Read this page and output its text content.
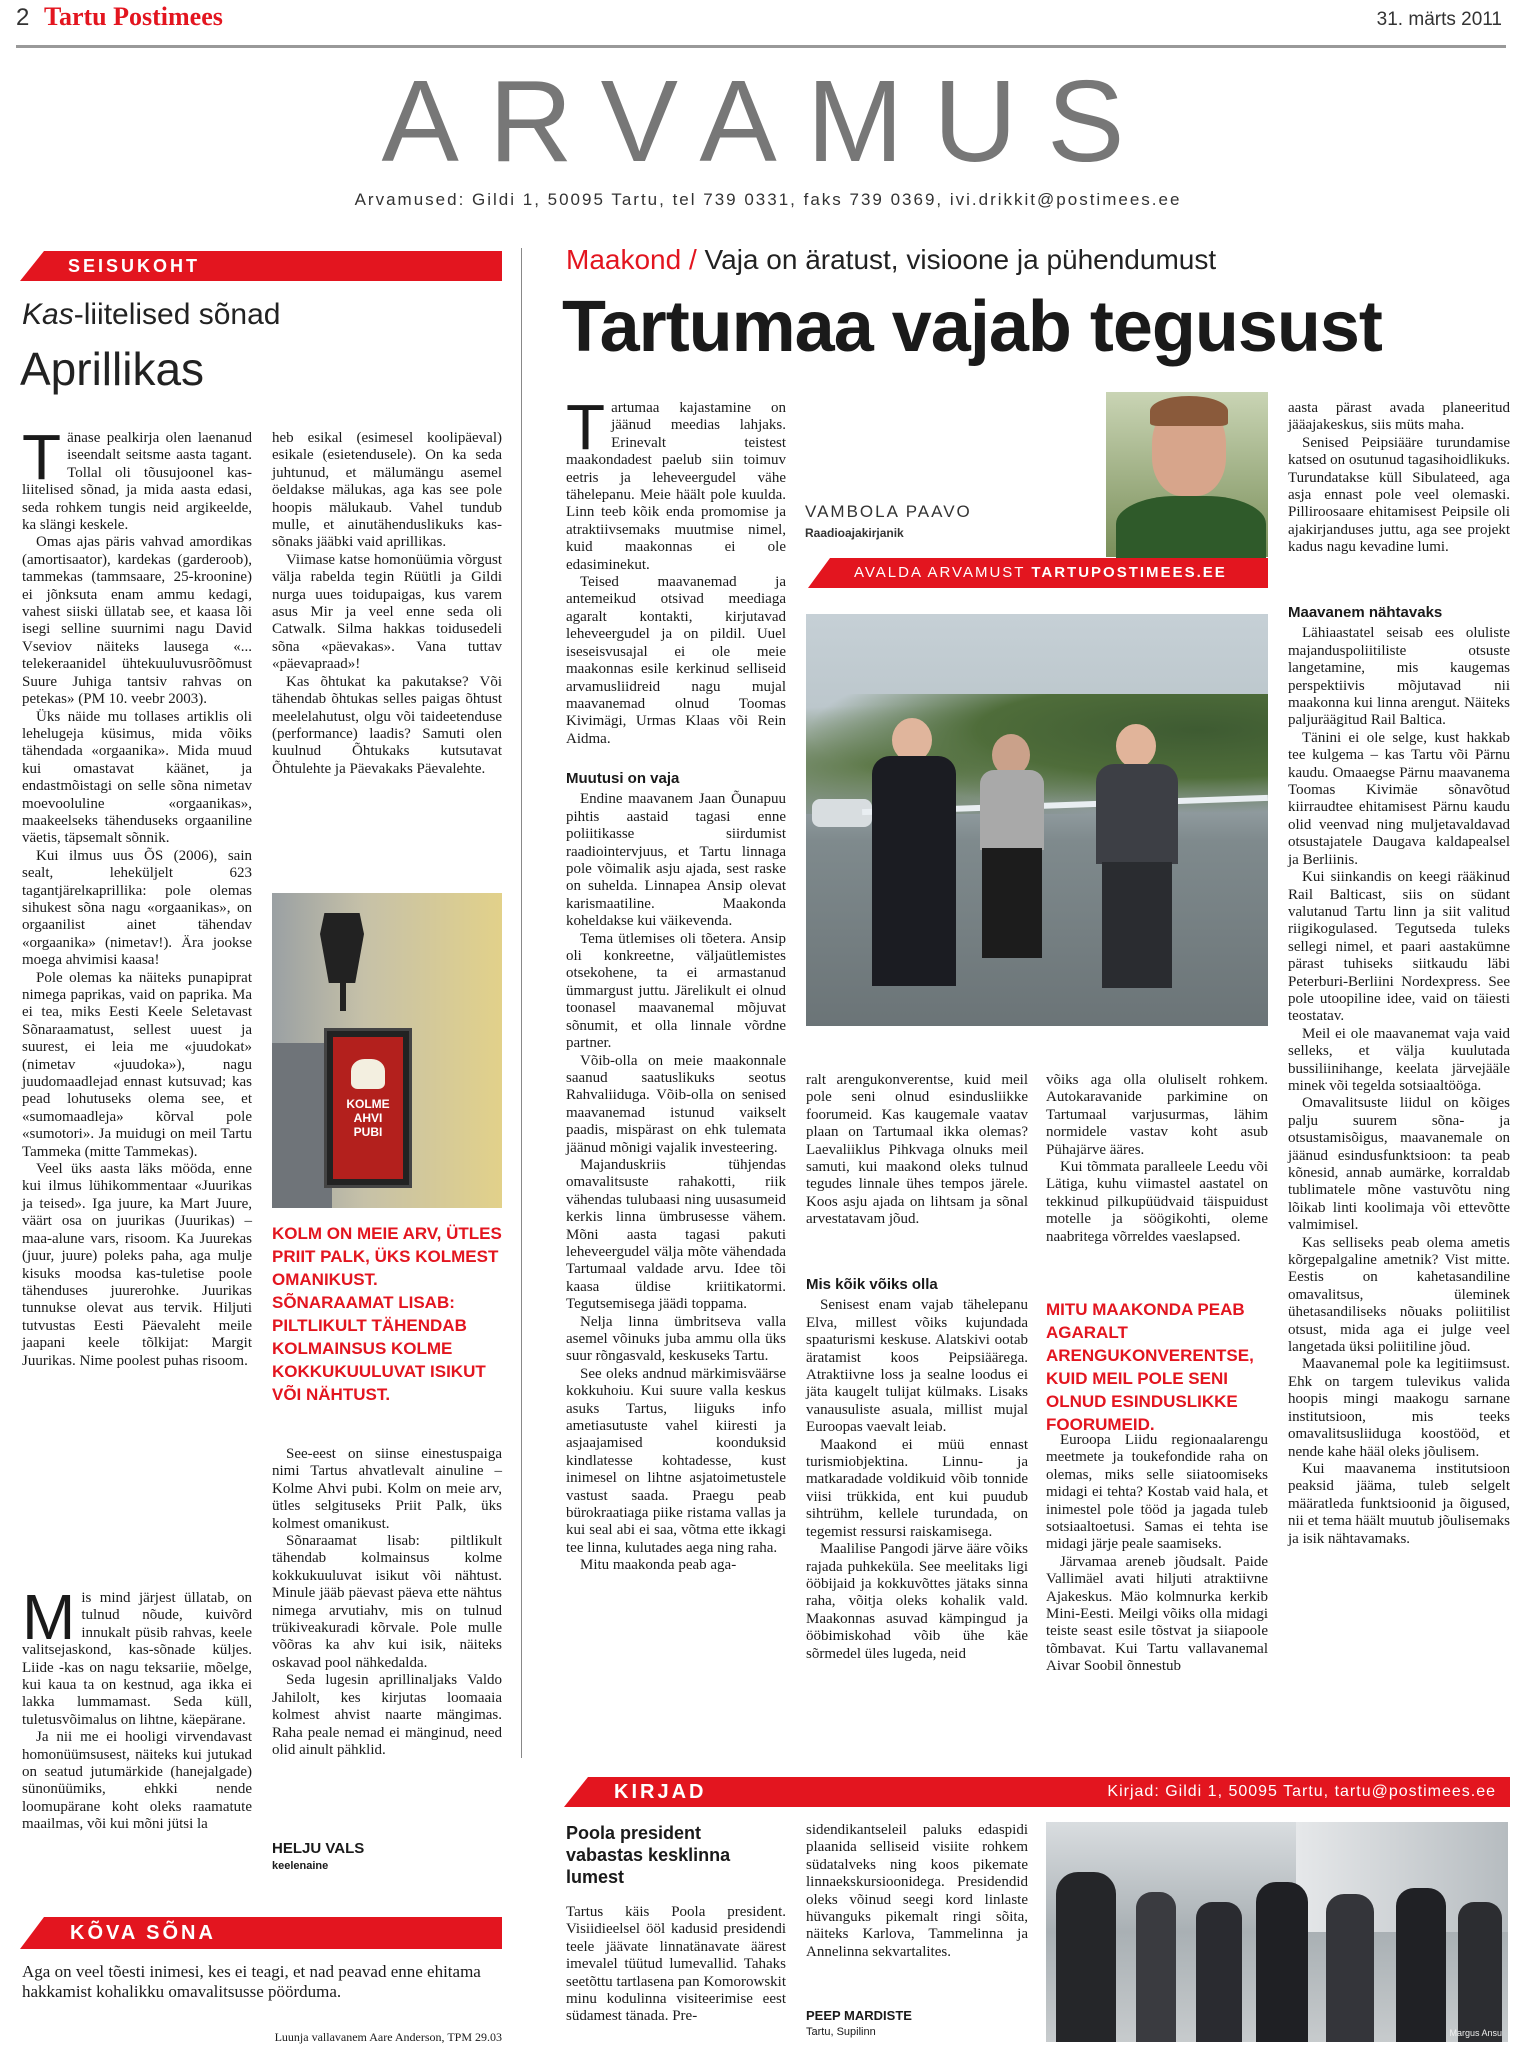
2 Tartu Postimees	31. märts 2011
ARVAMUS
Arvamused: Gildi 1, 50095 Tartu, tel 739 0331, faks 739 0369, ivi.drikkit@postimees.ee
SEISUKOHT
Kas-liitelised sõnad
Aprillikas
T änase pealkirja olen laenanud iseendalt seitsme aasta tagant. Tollal oli tõusujoonel kas-liitelised sõnad, ja mida aasta edasi, seda rohkem tungis neid argikeelde, ka slängi keskele.

Omas ajas päris vahvad amordikas (amortisaator), kardekas (garderoob), tammekas (tammsaare, 25-kroonine) ei jõnksuta enam ammu kedagi, vahest siiski üllatab see, et kaasa lõi isegi selline suurnimi nagu David Vseviov näiteks lausega «... telekeraanidel ühtekuuluvusrõõmust Suure Juhiga tantsiv rahvas on petekas» (PM 10. veebr 2003).

Üks näide mu tollases artiklis oli lehelugeja küsimus, mida võiks tähendada «orgaanika». Mida muud kui omastavat käänet, ja endastmõistagi on selle sõna nimetav moevooluline «orgaanikas», maakeelseks tähenduseks orgaaniline väetis, täpsemalt sõnnik.

Kui ilmus uus ÕS (2006), sain sealt, leheküljelt 623 tagantjärelкаprillika: pole olemas sihukest sõna nagu «orgaanikas», on orgaanilist ainet tähendav «orgaanika» (nimetav!). Ära jookse moega ahvimisi kaasa!

Pole olemas ka näiteks punapiprat nimega paprikas, vaid on paprika. Ma ei tea, miks Eesti Keele Seletavast Sõnaraamatust, sellest uuest ja suurest, ei leia me «juudokat» (nimetav «juudoka»), nagu juudomaadlejad ennast kutsuvad; kas pead lohutuseks olema see, et «sumomaadleja» kõrval pole «sumotori». Ja muidugi on meil Tartu Tammeka (mitte Tammekas).

Veel üks aasta läks mööda, enne kui ilmus lühikommentaar «Juurikas ja teised». Iga juure, ka Mart Juure, väärt osa on juurikas (Juurikas) – maa-alune vars, risoom. Ka Juurekas (juur, juure) poleks paha, aga mulje kisuks moodsa kas-tuletise poole tähenduses juurerohke. Juurikas tunnukse olevat aus tervik. Hiljuti tutvustas Eesti Päevaleht meile jaapani keele tõlkijat: Margit Juurikas. Nime poolest puhas risoom.

M is mind järjest üllatab, on tulnud nõude, kuivõrd innukalt püsib rahvas, keele valitsejaskond, kas-sõnade küljes. Liide -kas on nagu teksariie, mõelge, kui kaua ta on kestnud, aga ikka ei lakka lummamast. Seda küll, tuletusvõimalus on lihtne, käepärane.

Ja nii me ei hooligi virvendavast homonüümsusest, näiteks kui jutukad on seatud jutumärkide (hanejalgade) sünonüümiks, ehkki nende loomupärane koht oleks raamatute maailmas, või kui mõni jütsi la

heb esikal (esimesel koolipäeval) esikale (esietendusele). On ka seda juhtunud, et mälumängu asemel öeldakse mälukas, aga kas see pole hoopis mälukaub. Vahel tundub mulle, et ainutähenduslikuks kas-sõnaks jääbki vaid aprillikas.

Viimase katse homonüümia võrgust välja rabelda tegin Rüütli ja Gildi nurga uues toidupaigas, kus varem asus Mir ja veel enne seda oli Catwalk. Silma hakkas toidusedeli sõna «päevakas». Vana tuttav «päevapraad»!

Kas õhtukat ka pakutakse? Või tähendab õhtukas selles paigas õhtust meelelahutust, olgu või taideetenduse (performance) laadis? Samuti olen kuulnud Õhtukaks kutsutavat Õhtulehte ja Päevakaks Päevalehte.

KOLME
AHVI
PUBI
KOLM ON MEIE ARV, ÜTLES PRIIT PALK, ÜKS KOLMEST OMANIKUST. SÕNARAAMAT LISAB: PILTLIKULT TÄHENDAB KOLMAINSUS KOLME KOKKUKUULUVAT ISIKUT VÕI NÄHTUST.

See-eest on siinse einestuspaiga nimi Tartus ahvatlevalt ainuline – Kolme Ahvi pubi. Kolm on meie arv, ütles selgituseks Priit Palk, üks kolmest omanikust.

Sõnaraamat lisab: piltlikult tähendab kolmainsus kolme kokkukuuluvat isikut või nähtust. Minule jääb päevast päeva ette nähtus nimega arvutiahv, mis on tulnud trükivеakuradi kõrvale. Pole mulle võõras ka ahv kui isik, näiteks oskavad pool nähkedalda.

Seda lugesin aprillinaljaks Valdo Jahilolt, kes kirjutas loomaaia kolmest ahvist naarte mängimas. Raha peale nemad ei mänginud, need olid ainult pähklid.

HELJU VALS
keelenaine
KÕVA SÕNA
Aga on veel tõesti inimesi, kes ei teagi, et nad peavad enne ehitama hakkamist kohalikku omavalitsusse pöörduma.
Luunja vallavanem Aare Anderson, TPM 29.03
Maakond / Vaja on äratust, visioone ja pühendumust
Tartumaa vajab tegusust
T artumaa kajastamine on jäänud meedias lahjaks. Erinevalt teistest maakondadest paelub siin toimuv eetris ja leheveergudel vähe tähelepanu. Meie häält pole kuulda. Linn teeb kõik enda promomise ja atraktiivsemaks muutmise nimel, kuid maakonnas ei ole edasiminekut.

Teised maavanemad ja antemeikud otsivad meediaga agaralt kontakti, kirjutavad leheveergudel ja on pildil. Uuel iseseisvusajal ei ole meie maakonnas esile kerkinud selliseid arvamusliidreid nagu mujal maavanemad olnud Toomas Kivimägi, Urmas Klaas või Rein Aidma.

Muutusi on vaja

Endine maavanem Jaan Õunapuu pihtis aastaid tagasi enne poliitikasse siirdumist raadiointervjuus, et Tartu linnaga pole võimalik asju ajada, sest raske on suhelda. Linnapea Ansip olevat karismaatiline. Maakonda koheldakse kui väikevenda.

Tema ütlemises oli tõetera. Ansip oli konkreetne, väljaütlemistes otsekohene, ta ei armastanud ümmargust juttu. Järelikult ei olnud toonasel maavanemal mõjuvat sõnumit, et olla linnale võrdne partner.

Võib-olla on meie maakonnale saanud saatuslikuks seotus Rahvaliiduga. Võib-olla on senised maavanemad istunud vaikselt paadis, mispärast on ehk tulemata jäänud mõnigi vajalik investeering.

Majanduskriis tühjendas omavalitsuste rahakotti, riik vähendas tulubaasi ning uusasumeid kerkis linna ümbrusesse vähem. Mõni aasta tagasi pakuti leheveergudel välja mõte vähendada Tartumaal valdade arvu. Idee tõi kaasa üldise kriitikatormi. Tegutsemisega jäädi toppama.

Nelja linna ümbritseva valla asemel võinuks juba ammu olla üks suur rõngasvald, keskuseks Tartu.

See oleks andnud märkimisväärse kokkuhoiu. Kui suure valla keskus asuks Tartus, liiguks info ametiasutuste vahel kiiresti ja asjaajamised koonduksid kindlatesse kohtadesse, kust inimesel on lihtne asjatoimetustele vastust saada. Praegu peab bürokraatiaga piike ristama vallas ja kui seal abi ei saa, võtma ette ikkagi tee linna, kulutades aega ning raha.

Mitu maakonda peab aga-

VAMBOLA PAAVO
Raadioajakirjanik
AVALDA ARVAMUST TARTUPOSTIMEES.EE

ralt arengukonverentse, kuid meil pole seni olnud esindusliikke foorumeid. Kas kaugemale vaatav plaan on Tartumaal ikka olemas? Laevaliiklus Pihkvaga olnuks meil samuti, kui maakond oleks tulnud tegudes linnale ühes tempos järele. Koos asju ajada on lihtsam ja sõnal arvestatavam jõud.

Mis kõik võiks olla

Senisest enam vajab tähelepanu Elva, millest võiks kujundada spaaturismi keskuse. Alatskivi ootab äratamist koos Peipsiäärega. Atraktiivne loss ja sealne loodus ei jäta kaugelt tulijat külmaks. Lisaks vanausuliste asuala, millist mujal Euroopas vaevalt leiab.

Maakond ei müü ennast turismiobjektina. Linnu- ja matkaradade voldikuid võib tonnide viisi trükkida, ent kui puudub sihtrühm, kellele turundada, on tegemist ressursi raiskamisega.

Maalilise Pangodi järve ääre võiks rajada puhkeküla. See meelitaks ligi ööbijaid ja kokkuvõttes jätaks sinna raha, võitja oleks kohalik vald. Maakonnas asuvad kämpingud ja ööbimiskohad võib ühe käe sõrmedel üles lugeda, neid

võiks aga olla oluliselt rohkem. Autokaravanide parkimine on Tartumaal varjusurmas, lähim normidele vastav koht asub Pühajärve ääres.

Kui tõmmata paralleele Leedu või Lätiga, kuhu viimastel aastatel on tekkinud pilkupüüdvaid täispuidust motelle ja söögikohti, oleme naabritega võrreldes vaeslapsed.

MITU MAAKONDA PEAB AGARALT ARENGUKONVERENTSE, KUID MEIL POLE SENI OLNUD ESINDUSLIKKE FOORUMEID.

Euroopa Liidu regionaalarengu meetmete ja toukefondide raha on olemas, miks selle siiatoomiseks midagi ei tehta? Kostab vaid hala, et inimestel pole tööd ja jagada tulеb sotsiaaltoetusi. Samas ei tehta ise midagi järje peale saamiseks.

Järvamaa areneb jõudsalt. Paide Vallimäel avati hiljuti atraktiivne Ajakeskus. Mäo kolmnurka kerkib Mini-Eesti. Meilgi võiks olla midagi teiste seast esile tõstvat ja siiapoole tõmbavat. Kui Tartu vallavanemal Aivar Soobil õnnestub

aasta pärast avada planeeritud jääajakeskus, siis müts maha.

Senised Peipsiääre turundamise katsed on osutunud tagasihoidlikuks. Turundatakse küll Sibulateed, aga asja ennast pole veel olemaski. Pilliroosaare ehitamisest Peipsile oli ajakirjanduses juttu, aga see projekt kadus nagu kevadine lumi.

Maavanem nähtavaks

Lähiaastatel seisab ees oluliste majanduspoliitiliste otsuste langetamine, mis kaugemas perspektiivis mõjutavad nii maakonna kui linna arengut. Näiteks paljuräägitud Rail Baltica.

Tänini ei ole selge, kust hakkab tee kulgema – kas Tartu või Pärnu kaudu. Omaaegse Pärnu maavanema Toomas Kivimäe sõnavõtud kiirraudtee ehitamisest Pärnu kaudu olid veenvad ning muljetavaldavad otsustajatele Daugava kaldapealsel ja Berliinis.

Kui siinkandis on keegi rääkinud Rail Balticast, siis on südant valutanud Tartu linn ja siit valitud riigikogulased. Tegutseda tuleks sellegi nimel, et paari aastakümne pärast tuhiseks siitkaudu läbi Peterburi-Berliini Nordexpress. See pole utoopiline idee, vaid on täiesti teostatav.

Meil ei ole maavanemat vaja vaid selleks, et välja kuulutada bussiliinihange, keelata järvejääle minek või tegelda sotsiaaltööga.

Omavalitsuste liidul on kõiges palju suurem sõna- ja otsustamisõigus, maavanemale on jäänud esindusfunktsioon: ta peab kõnesid, annab aumärke, korraldab tublimatele mõne vastuvõtu ning lõikab linti koolimaja või ettevõtte valmimisel.

Kas selliseks peab olema ametis kõrgepalgaline ametnik? Vist mitte. Eestis on kahetasandiline omavalitsus, üleminek ühetasandiliseks nõuaks poliitilist otsust, mida aga ei julge veel langetada üksi poliitiline jõud.

Maavanemal pole ka legitiimsust. Ehk on targem tulevikus valida hoopis mingi maakogu sarnane institutsioon, mis teeks omavalitsusliiduga koostööd, et nende kahe hääl oleks jõulisem.

Kui maavanema institutsioon peaksid jääma, tuleb selgelt määratleda funktsioonid ja õigused, nii et tema häält muutub jõulisemaks ja isik nähtavamaks.

KIRJAD	Kirjad: Gildi 1, 50095 Tartu, tartu@postimees.ee
Poola president vabastas kesklinna lumest

Tartus käis Poola president. Visiidieelsel ööl kadusid presidendi teele jäävate linnatänavate äärest imevalel tüütud lumevallid. Tahaks seetõttu tartlasena pan Komorowskit minu kodulinna visiteerimise eest südamest tänada. Pre-

sidendikantseleil paluks edaspidi plaanida selliseid visiite rohkem südatalveks ning koos pikemate linnaekskursioonidega. Presidendid oleks võinud seegi kord linlaste hüvanguks pikemalt ringi sõita, näiteks Karlova, Tammelinna ja Annelinna sekvartalites.

PEEP MARDISTE
Tartu, Supilinn	Margus Ansu
